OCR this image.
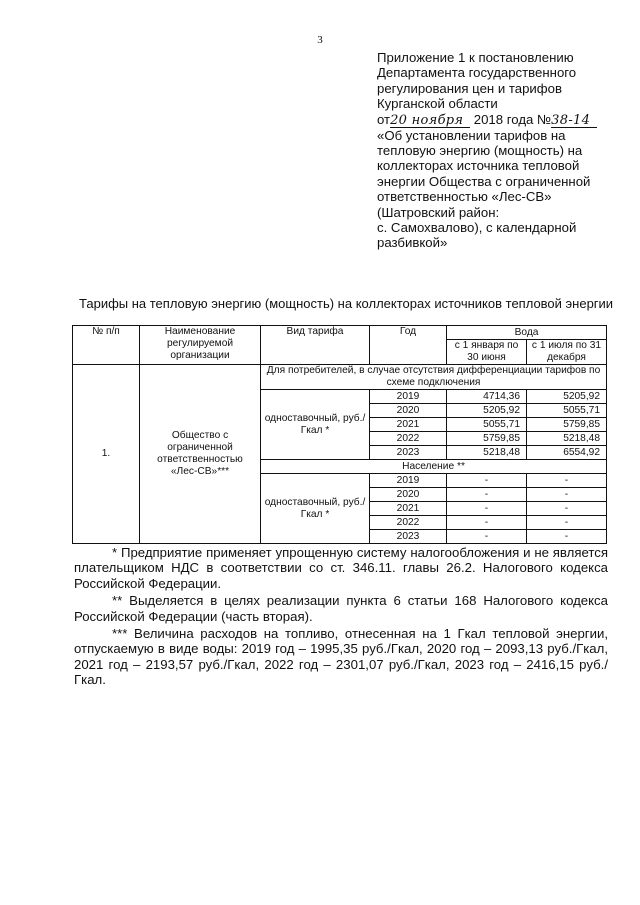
3
Приложение 1 к постановлению
Департамента государственного
регулирования цен и тарифов
Курганской области
от20 ноября 2018 года №38-14
«Об установлении тарифов на
тепловую энергию (мощность) на
коллекторах источника тепловой
энергии Общества с ограниченной
ответственностью «Лес-СВ»
(Шатровский район:
с. Самохвалово), с календарной
разбивкой»
Тарифы на тепловую энергию (мощность) на коллекторах источников тепловой энергии
№ п/п	Наименование регулируемой организации	Вид тарифа	Год	Вода	
				с 1 января по 30 июня	с 1 июля по 31 декабря

1.	Общество с ограниченной ответственностью «Лес-СВ»***	Для потребителей, в случае отсутствия дифференциации тарифов по схеме подключения			

		одноставочный, руб./Гкал *	2019	4714,36	5205,92
			2020	5205,92	5055,71
			2021	5055,71	5759,85
			2022	5759,85	5218,48
			2023	5218,48	6554,92
		Население **			
		одноставочный, руб./Гкал *	2019	-	-
			2020	-	-
			2021	-	-
			2022	-	-
			2023	-	-

* Предприятие применяет упрощенную систему налогообложения и не является плательщиком НДС в соответствии со ст. 346.11. главы 26.2. Налогового кодекса Российской Федерации.

** Выделяется в целях реализации пункта 6 статьи 168 Налогового кодекса Российской Федерации (часть вторая).

*** Величина расходов на топливо, отнесенная на 1 Гкал тепловой энергии, отпускаемую в виде воды: 2019 год – 1995,35 руб./Гкал, 2020 год – 2093,13 руб./Гкал, 2021 год – 2193,57 руб./Гкал, 2022 год – 2301,07 руб./Гкал, 2023 год – 2416,15 руб./Гкал.
